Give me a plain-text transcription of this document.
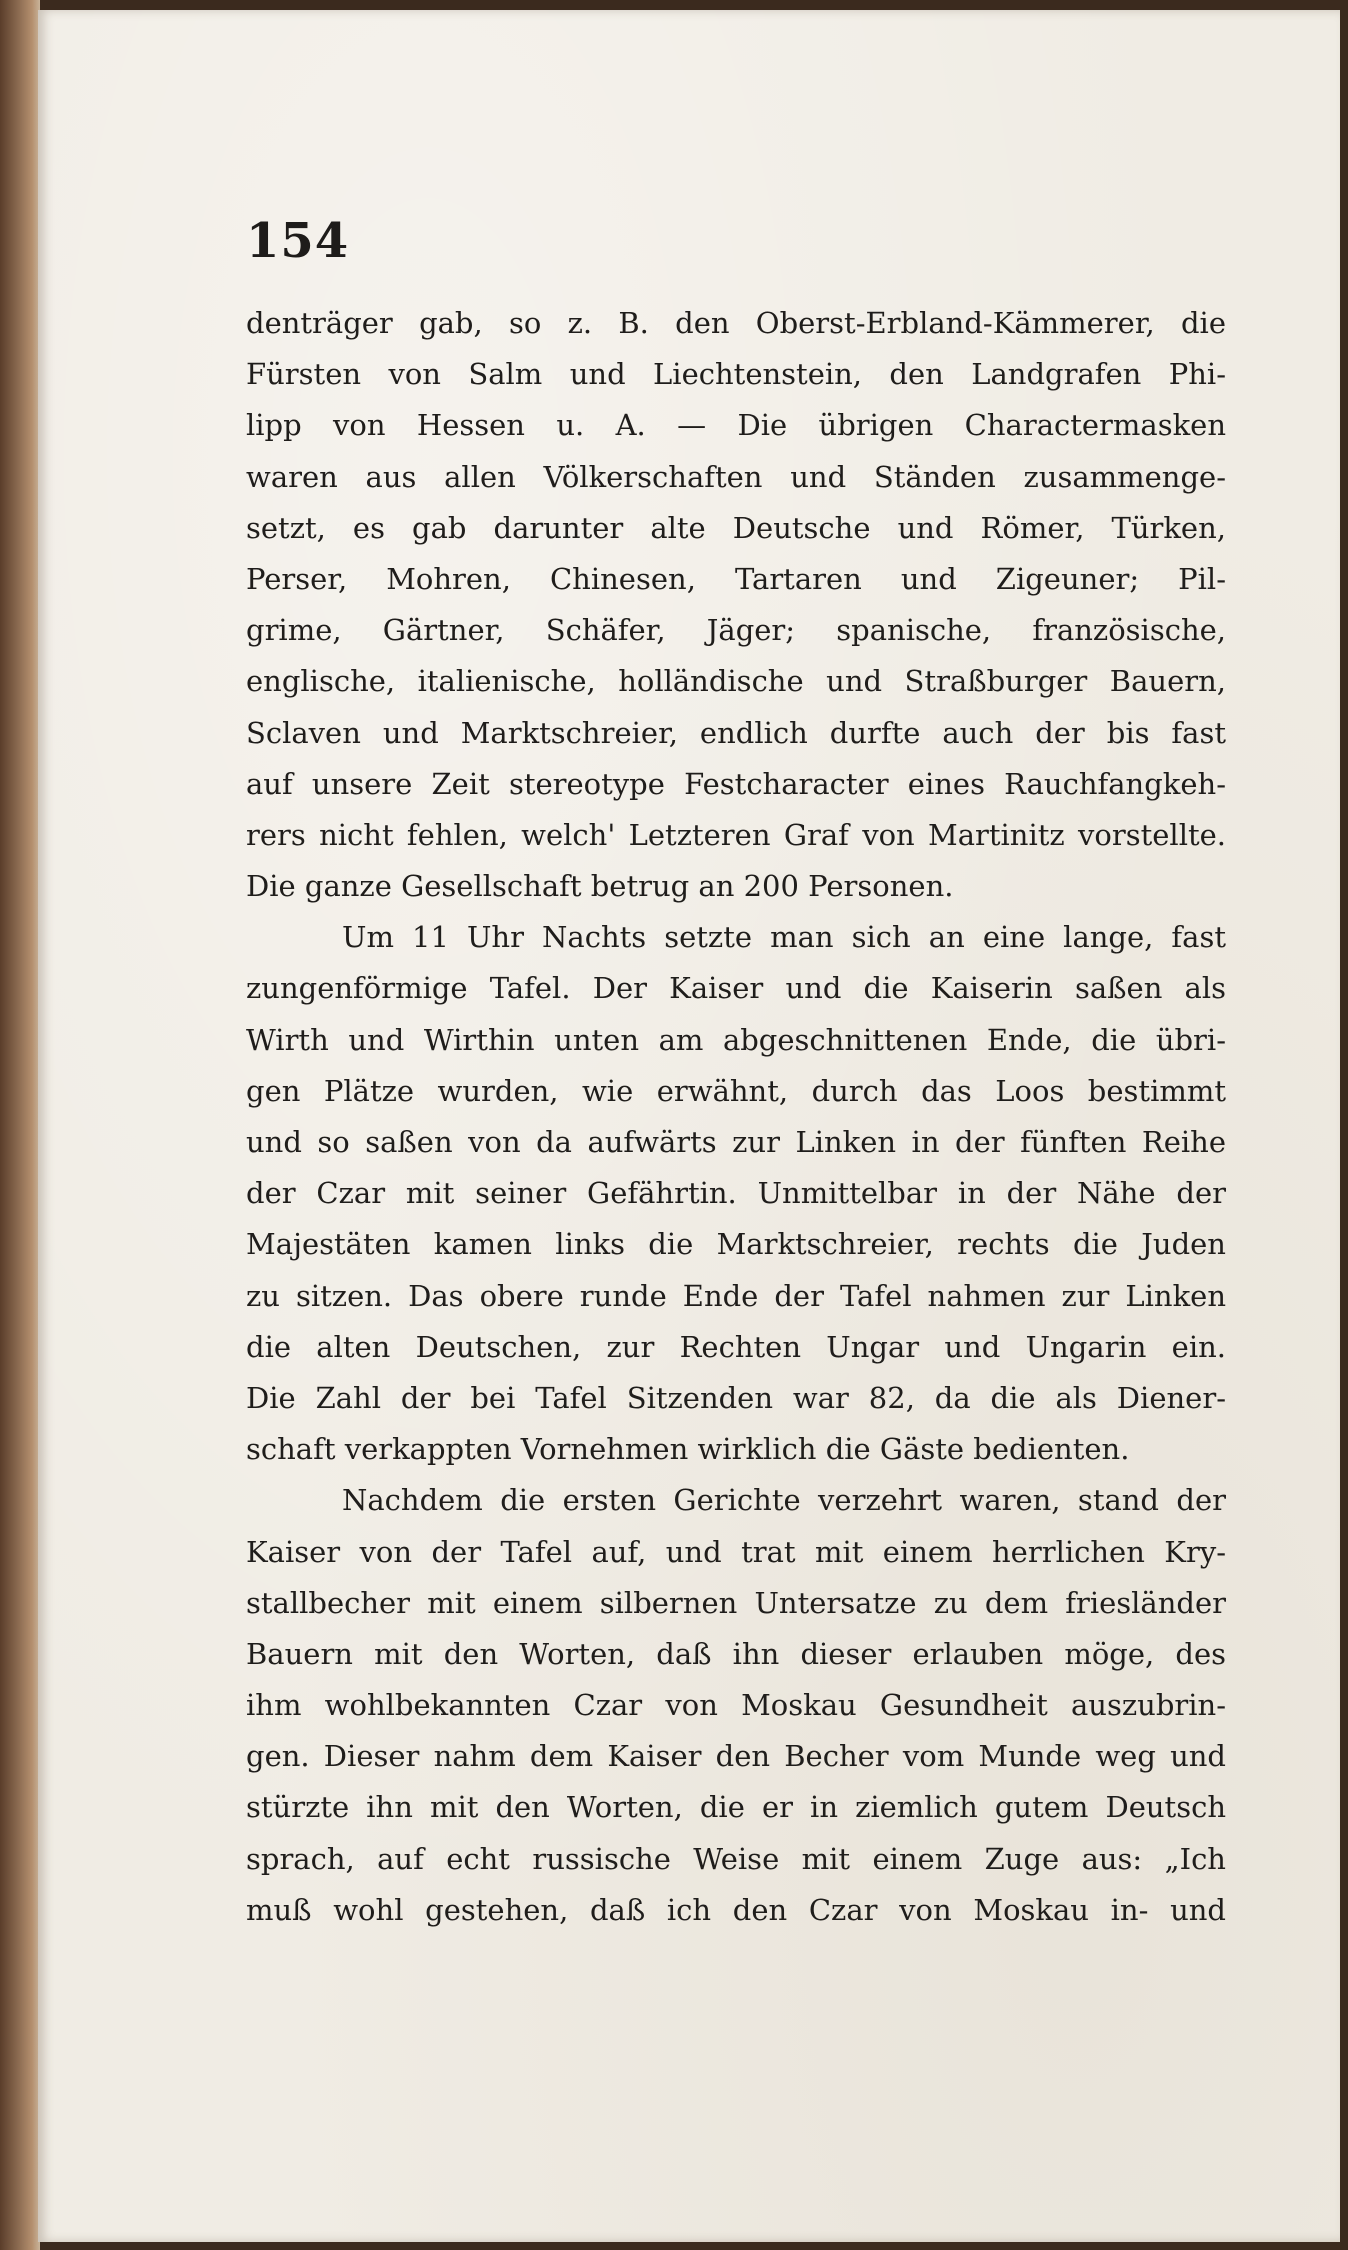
154
denträger gab, so z. B. den Oberst-Erbland-Kämmerer, die
Fürsten von Salm und Liechtenstein, den Landgrafen Phi-
lipp von Hessen u. A. — Die übrigen Charactermasken
waren aus allen Völkerschaften und Ständen zusammenge-
setzt, es gab darunter alte Deutsche und Römer, Türken,
Perser, Mohren, Chinesen, Tartaren und Zigeuner; Pil-
grime, Gärtner, Schäfer, Jäger; spanische, französische,
englische, italienische, holländische und Straßburger Bauern,
Sclaven und Marktschreier, endlich durfte auch der bis fast
auf unsere Zeit stereotype Festcharacter eines Rauchfangkeh-
rers nicht fehlen, welch' Letzteren Graf von Martinitz vorstellte.
Die ganze Gesellschaft betrug an 200 Personen.
Um 11 Uhr Nachts setzte man sich an eine lange, fast
zungenförmige Tafel. Der Kaiser und die Kaiserin saßen als
Wirth und Wirthin unten am abgeschnittenen Ende, die übri-
gen Plätze wurden, wie erwähnt, durch das Loos bestimmt
und so saßen von da aufwärts zur Linken in der fünften Reihe
der Czar mit seiner Gefährtin. Unmittelbar in der Nähe der
Majestäten kamen links die Marktschreier, rechts die Juden
zu sitzen. Das obere runde Ende der Tafel nahmen zur Linken
die alten Deutschen, zur Rechten Ungar und Ungarin ein.
Die Zahl der bei Tafel Sitzenden war 82, da die als Diener-
schaft verkappten Vornehmen wirklich die Gäste bedienten.
Nachdem die ersten Gerichte verzehrt waren, stand der
Kaiser von der Tafel auf, und trat mit einem herrlichen Kry-
stallbecher mit einem silbernen Untersatze zu dem friesländer
Bauern mit den Worten, daß ihn dieser erlauben möge, des
ihm wohlbekannten Czar von Moskau Gesundheit auszubrin-
gen. Dieser nahm dem Kaiser den Becher vom Munde weg und
stürzte ihn mit den Worten, die er in ziemlich gutem Deutsch
sprach, auf echt russische Weise mit einem Zuge aus: „Ich
muß wohl gestehen, daß ich den Czar von Moskau in- und
